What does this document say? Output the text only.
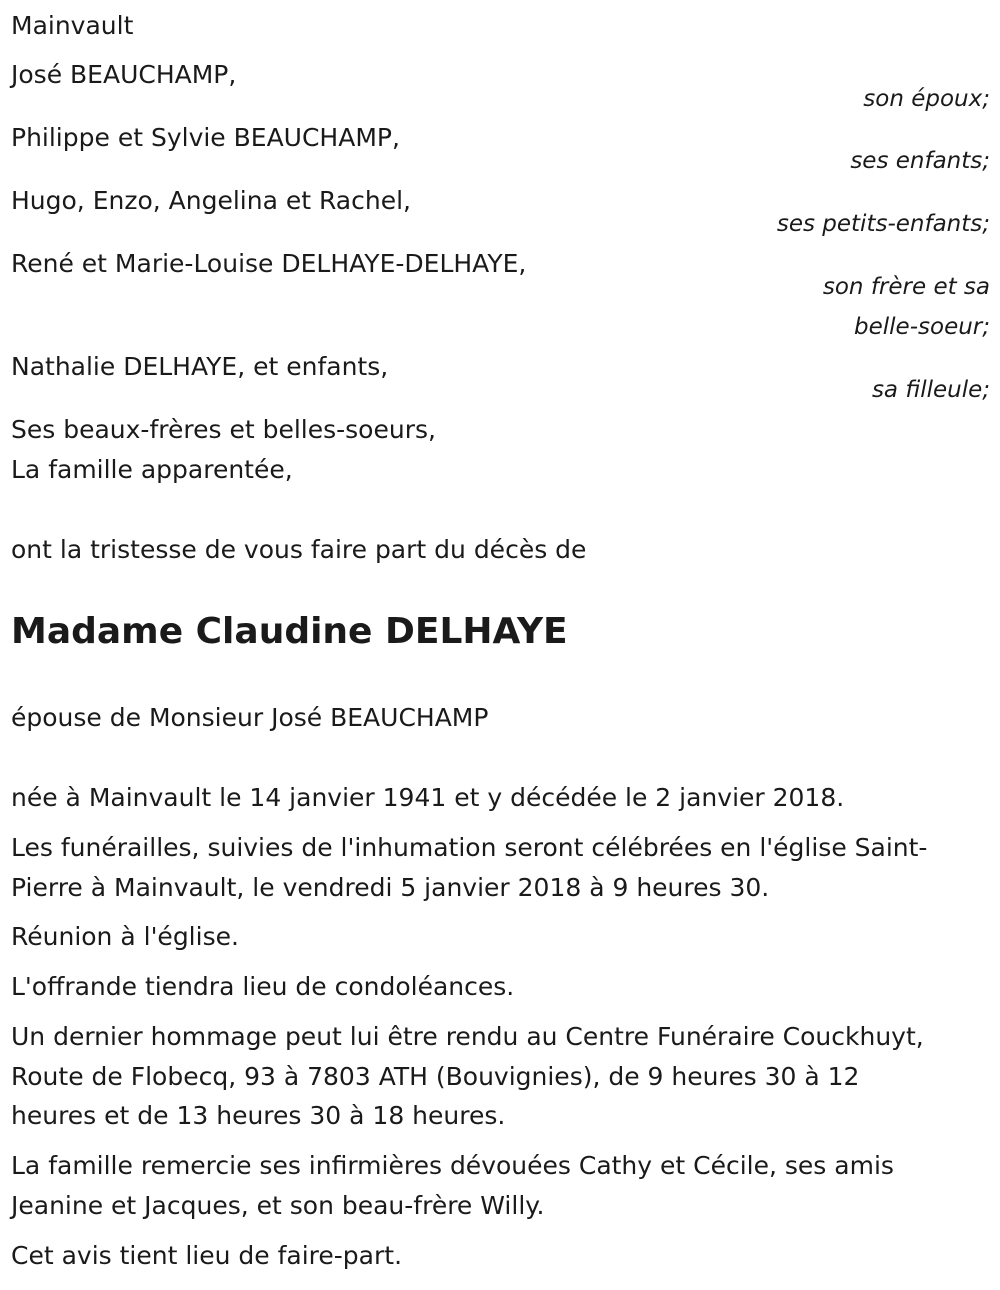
Mainvault
José BEAUCHAMP,
son époux;
Philippe et Sylvie BEAUCHAMP,
ses enfants;
Hugo, Enzo, Angelina et Rachel,
ses petits-enfants;
René et Marie-Louise DELHAYE-DELHAYE,
son frère et sa
belle-soeur;
Nathalie DELHAYE, et enfants,
sa filleule;
Ses beaux-frères et belles-soeurs,
La famille apparentée,
ont la tristesse de vous faire part du décès de
Madame Claudine DELHAYE
épouse de Monsieur José BEAUCHAMP
née à Mainvault le 14 janvier 1941 et y décédée le 2 janvier 2018.
Les funérailles, suivies de l'inhumation seront célébrées en l'église Saint-
Pierre à Mainvault, le vendredi 5 janvier 2018 à 9 heures 30.
Réunion à l'église.
L'offrande tiendra lieu de condoléances.
Un dernier hommage peut lui être rendu au Centre Funéraire Couckhuyt,
Route de Flobecq, 93 à 7803 ATH (Bouvignies), de 9 heures 30 à 12
heures et de 13 heures 30 à 18 heures.
La famille remercie ses infirmières dévouées Cathy et Cécile, ses amis
Jeanine et Jacques, et son beau-frère Willy.
Cet avis tient lieu de faire-part.
